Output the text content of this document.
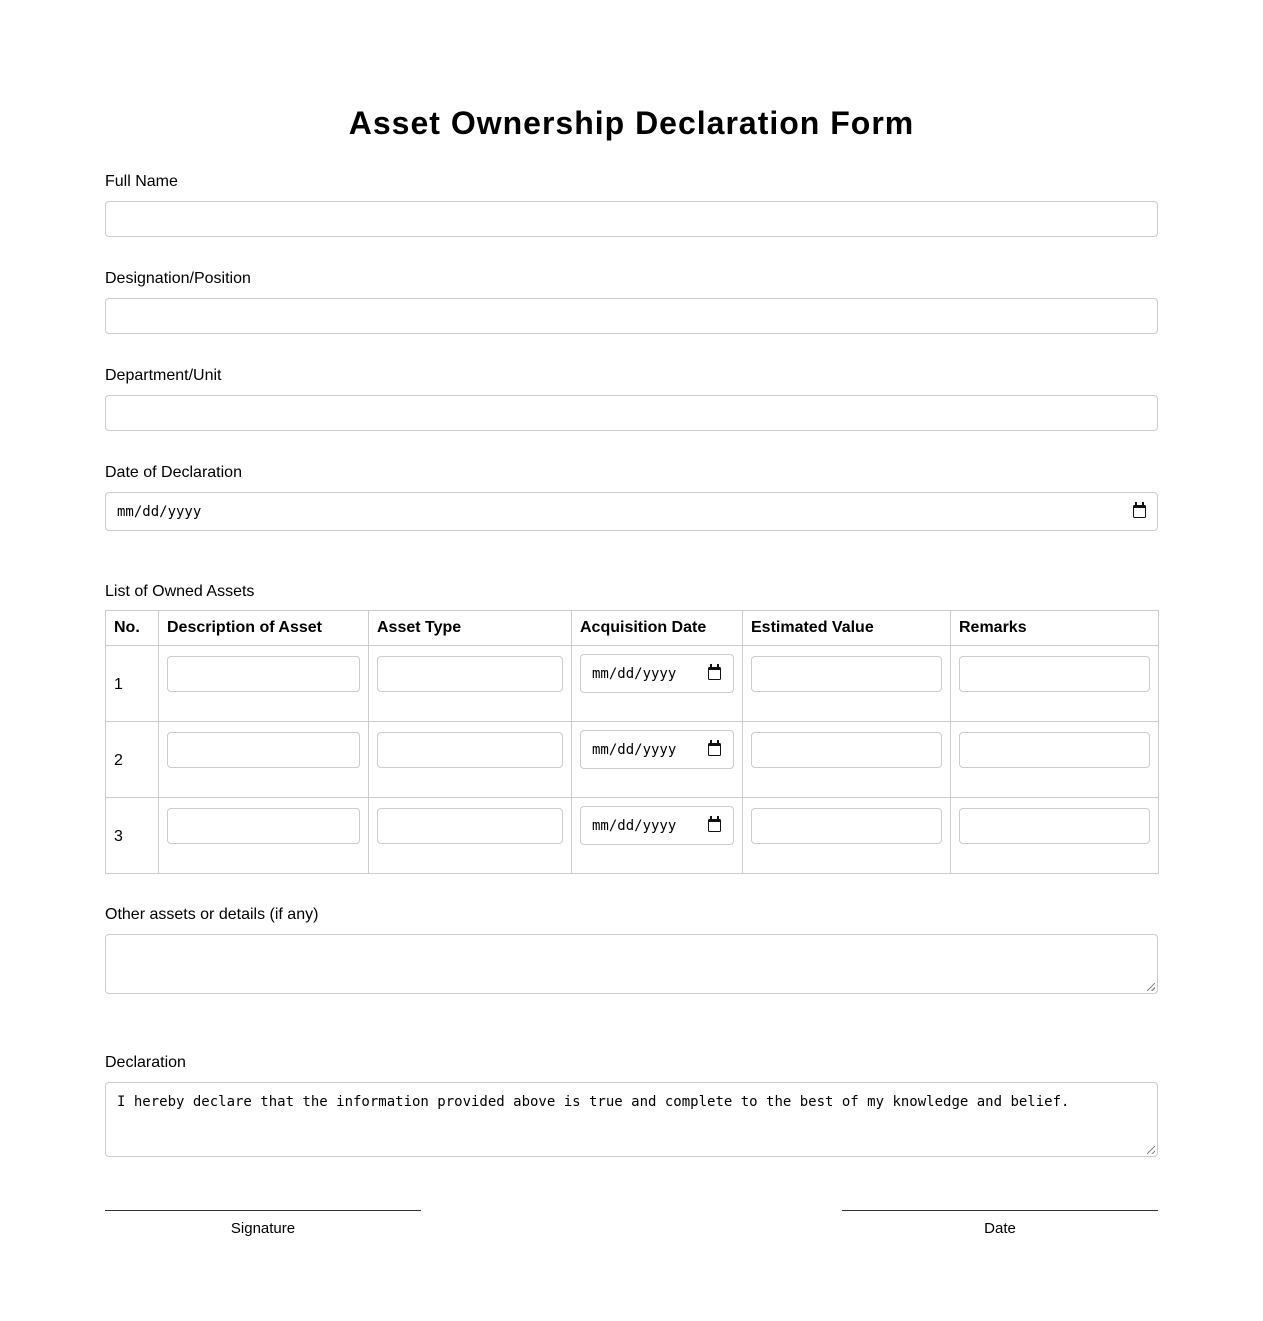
Asset Ownership Declaration Form
Full Name
Designation/Position
Department/Unit
Date of Declaration
mm/dd/yyyy
List of Owned Assets
No.	Description of Asset	Asset Type	Acquisition Date	Estimated Value	Remarks
1			mm/dd/yyyy		

2			mm/dd/yyyy		

3			mm/dd/yyyy		

Other assets or details (if any)
Declaration
I hereby declare that the information provided above is true and complete to the best of my knowledge and belief.
Signature	Date
